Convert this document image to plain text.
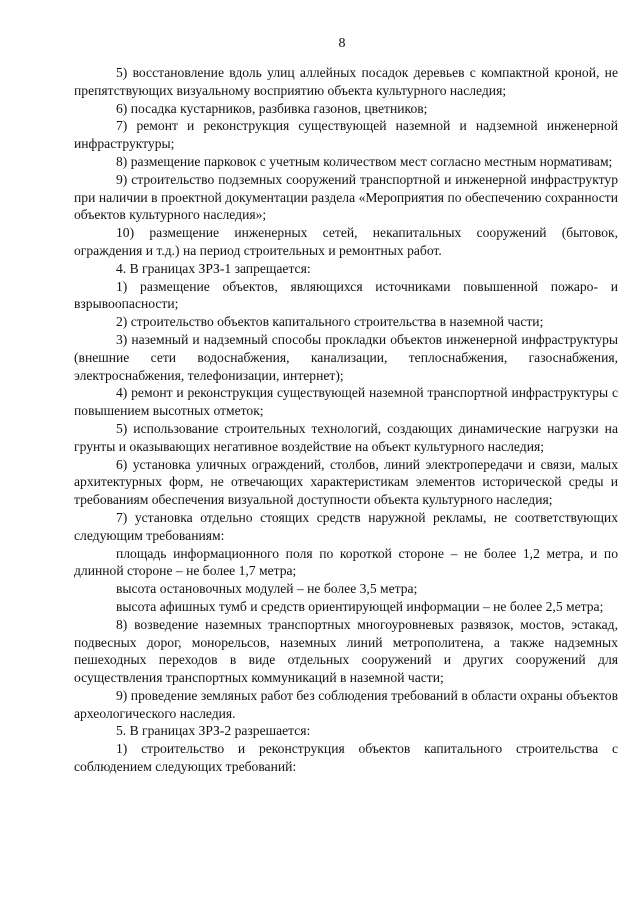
8

5) восстановление вдоль улиц аллейных посадок деревьев с компактной кроной, не препятствующих визуальному восприятию объекта культурного наследия;

6) посадка кустарников, разбивка газонов, цветников;

7) ремонт и реконструкция существующей наземной и надземной инженерной инфраструктуры;

8) размещение парковок с учетным количеством мест согласно местным нормативам;

9) строительство подземных сооружений транспортной и инженерной инфраструктур при наличии в проектной документации раздела «Мероприятия по обеспечению сохранности объектов культурного наследия»;

10) размещение инженерных сетей, некапитальных сооружений (бытовок, ограждения и т.д.) на период строительных и ремонтных работ.

4. В границах ЗРЗ-1 запрещается:

1) размещение объектов, являющихся источниками повышенной пожаро- и взрывоопасности;

2) строительство объектов капитального строительства в наземной части;

3) наземный и надземный способы прокладки объектов инженерной инфраструктуры (внешние сети водоснабжения, канализации, теплоснабжения, газоснабжения, электроснабжения, телефонизации, интернет);

4) ремонт и реконструкция существующей наземной транспортной инфраструктуры с повышением высотных отметок;

5) использование строительных технологий, создающих динамические нагрузки на грунты и оказывающих негативное воздействие на объект культурного наследия;

6) установка уличных ограждений, столбов, линий электропередачи и связи, малых архитектурных форм, не отвечающих характеристикам элементов исторической среды и требованиям обеспечения визуальной доступности объекта культурного наследия;

7) установка отдельно стоящих средств наружной рекламы, не соответствующих следующим требованиям:

площадь информационного поля по короткой стороне – не более 1,2 метра, и по длинной стороне – не более 1,7 метра;

высота остановочных модулей – не более 3,5 метра;

высота афишных тумб и средств ориентирующей информации – не более 2,5 метра;

8) возведение наземных транспортных многоуровневых развязок, мостов, эстакад, подвесных дорог, монорельсов, наземных линий метрополитена, а также надземных пешеходных переходов в виде отдельных сооружений и других сооружений для осуществления транспортных коммуникаций в наземной части;

9) проведение земляных работ без соблюдения требований в области охраны объектов археологического наследия.

5. В границах ЗРЗ-2 разрешается:

1) строительство и реконструкция объектов капитального строительства с соблюдением следующих требований:
